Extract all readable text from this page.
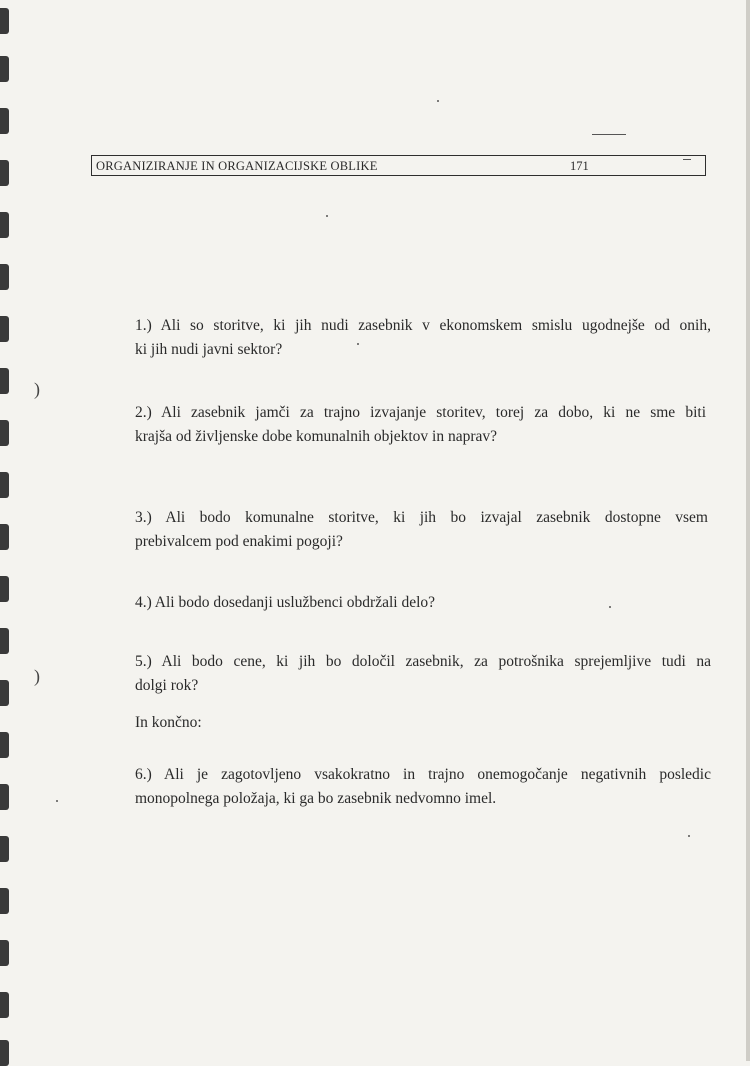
ORGANIZIRANJE IN ORGANIZACIJSKE OBLIKE	171
)
)
1.) Ali so storitve, ki jih nudi zasebnik v ekonomskem smislu ugodnejše od onih,
ki jih nudi javni sektor?
2.) Ali zasebnik jamči za trajno izvajanje storitev, torej za dobo, ki ne sme biti
krajša od življenske dobe komunalnih objektov in naprav?
3.) Ali bodo komunalne storitve, ki jih bo izvajal zasebnik dostopne vsem
prebivalcem pod enakimi pogoji?
4.) Ali bodo dosedanji uslužbenci obdržali delo?
5.) Ali bodo cene, ki jih bo določil zasebnik, za potrošnika sprejemljive tudi na
dolgi rok?
In končno:
6.) Ali je zagotovljeno vsakokratno in trajno onemogočanje negativnih posledic
monopolnega položaja, ki ga bo zasebnik nedvomno imel.
